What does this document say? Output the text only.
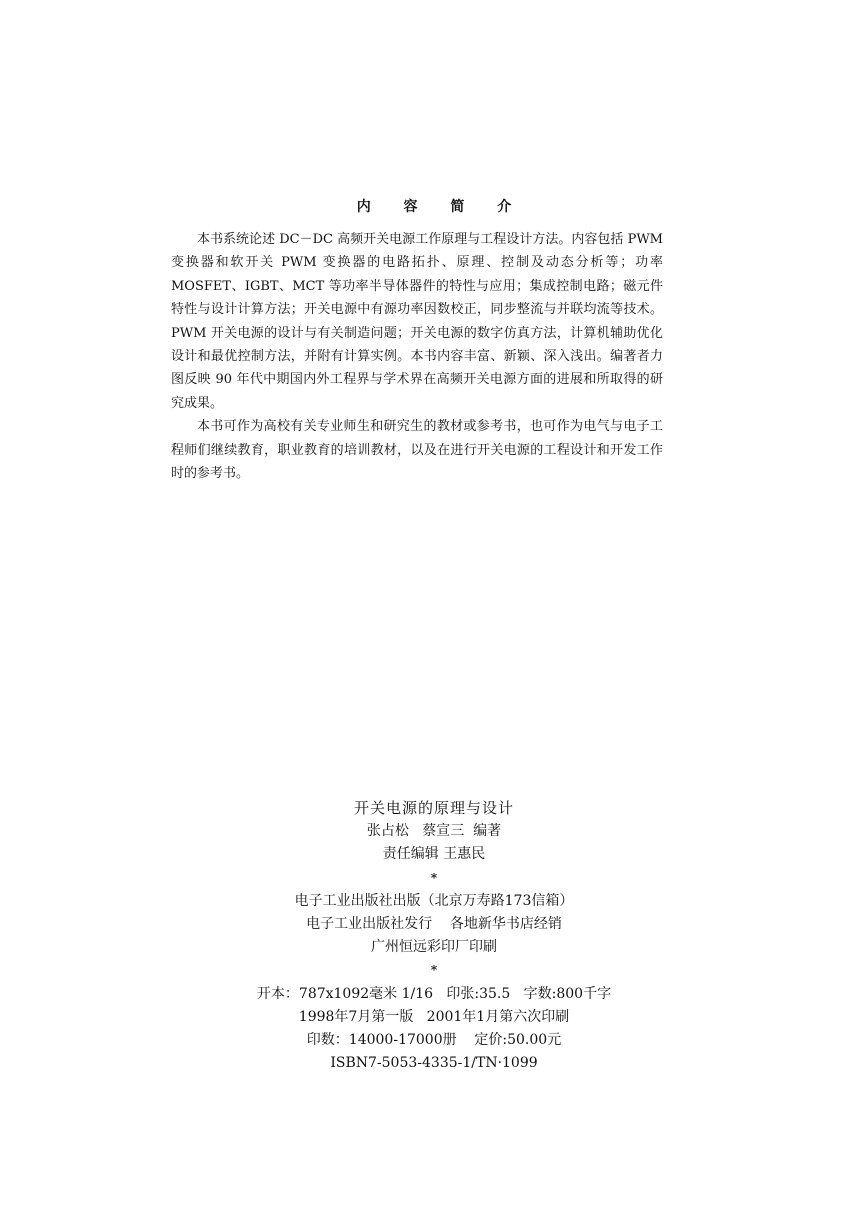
内 容 简 介

本书系统论述 DC－DC 高频开关电源工作原理与工程设计方法。内容包括 PWM 变换器和软开关 PWM 变换器的电路拓扑、原理、控制及动态分析等；功率 MOSFET、IGBT、MCT 等功率半导体器件的特性与应用；集成控制电路；磁元件特性与设计计算方法；开关电源中有源功率因数校正，同步整流与并联均流等技术。PWM 开关电源的设计与有关制造问题；开关电源的数字仿真方法，计算机辅助优化设计和最优控制方法，并附有计算实例。本书内容丰富、新颖、深入浅出。编著者力图反映 90 年代中期国内外工程界与学术界在高频开关电源方面的进展和所取得的研究成果。

本书可作为高校有关专业师生和研究生的教材或参考书，也可作为电气与电子工程师们继续教育，职业教育的培训教材，以及在进行开关电源的工程设计和开发工作时的参考书。

开关电源的原理与设计
张占松   蔡宣三  编著
责任编辑 王惠民
*
电子工业出版社出版（北京万寿路173信箱）
电子工业出版社发行    各地新华书店经销
广州恒远彩印厂印刷
*
开本：787x1092毫米 1/16   印张:35.5   字数:800千字
1998年7月第一版   2001年1月第六次印刷
印数：14000-17000册    定价:50.00元
ISBN7-5053-4335-1/TN·1099
